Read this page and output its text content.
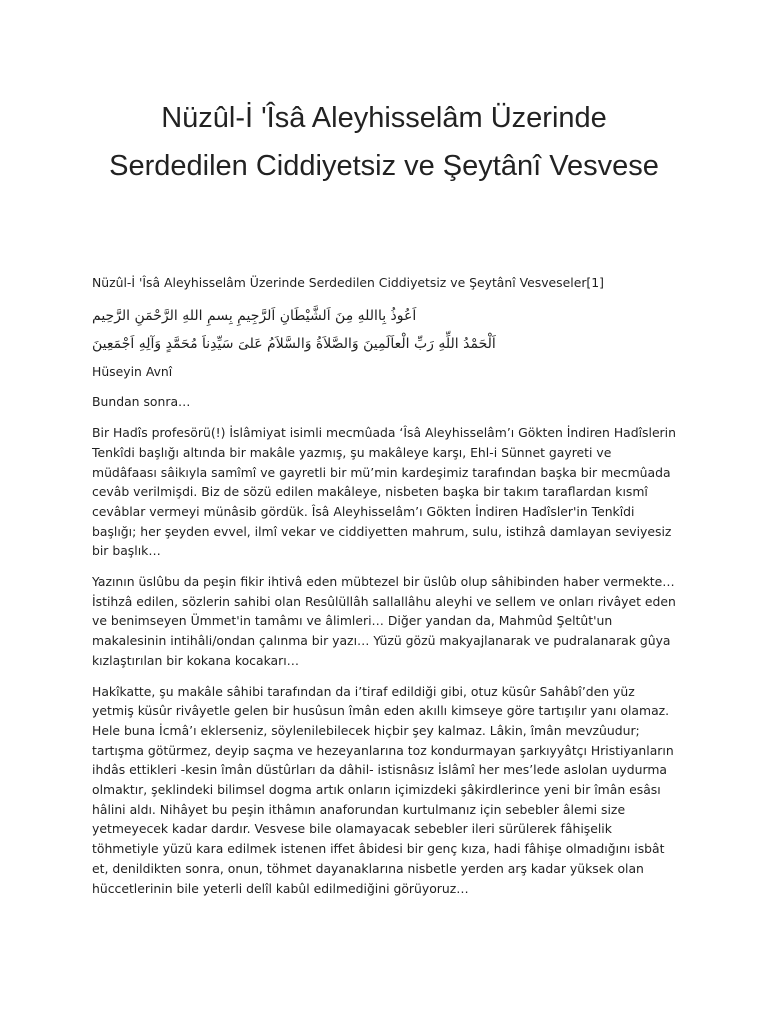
Nüzûl-İ 'Îsâ Aleyhisselâm Üzerinde Serdedilen Ciddiyetsiz ve Şeytânî Vesvese

Nüzûl-İ 'Îsâ Aleyhisselâm Üzerinde Serdedilen Ciddiyetsiz ve Şeytânî Vesveseler[1]

اَعُوذُ بِااللهِ مِنَ اَلشَّيْطَانِ اَلرَّجِيمِ بِسمِ اللهِ الرَّحْمَنِ الرَّحِيم
اَلْحَمْدُ اللِّهِ رَبِّ الْعاَلَمِينَ وَالصَّلاَةُ وَالسَّلاَمُ عَلىَ سَيِّدِناَ مُحَمَّدٍ وَآلِهِ اَجْمَعِينَ

Hüseyin Avnî

Bundan sonra…

Bir Hadîs profesörü(!) İslâmiyat isimli mecmûada ‘Îsâ Aleyhisselâm’ı Gökten İndiren Hadîslerin Tenkîdi başlığı altında bir makâle yazmış, şu makâleye karşı, Ehl-i Sünnet gayreti ve müdâfaası sâikıyla samîmî ve gayretli bir mü’min kardeşimiz tarafından başka bir mecmûada cevâb verilmişdi. Biz de sözü edilen makâleye, nisbeten başka bir takım taraflardan kısmî cevâblar vermeyi münâsib gördük. Îsâ Aleyhisselâm’ı Gökten İndiren Hadîsler'in Tenkîdi başlığı; her şeyden evvel, ilmî vekar ve ciddiyetten mahrum, sulu, istihzâ damlayan seviyesiz bir başlık…

Yazının üslûbu da peşin fikir ihtivâ eden mübtezel bir üslûb olup sâhibinden haber vermekte… İstihzâ edilen, sözlerin sahibi olan Resûlüllâh sallallâhu aleyhi ve sellem ve onları rivâyet eden ve benimseyen Ümmet'in tamâmı ve âlimleri… Diğer yandan da, Mahmûd Şeltût'un makalesinin intihâli/ondan çalınma bir yazı… Yüzü gözü makyajlanarak ve pudralanarak gûya kızlaştırılan bir kokana kocakarı…

Hakîkatte, şu makâle sâhibi tarafından da i’tiraf edildiği gibi, otuz küsûr Sahâbî’den yüz yetmiş küsûr rivâyetle gelen bir husûsun îmân eden akıllı kimseye göre tartışılır yanı olamaz. Hele buna İcmâ’ı eklerseniz, söylenilebilecek hiçbir şey kalmaz. Lâkin, îmân mevzûudur; tartışma götürmez, deyip saçma ve hezeyanlarına toz kondurmayan şarkıyyâtçı Hristiyanların ihdâs ettikleri -kesin îmân düstûrları da dâhil- istisnâsız İslâmî her mes’lede aslolan uydurma olmaktır, şeklindeki bilimsel dogma artık onların içimizdeki şâkirdlerince yeni bir îmân esâsı hâlini aldı. Nihâyet bu peşin ithâmın anaforundan kurtulmanız için sebebler âlemi size yetmeyecek kadar dardır. Vesvese bile olamayacak sebebler ileri sürülerek fâhişelik töhmetiyle yüzü kara edilmek istenen iffet âbidesi bir genç kıza, hadi fâhişe olmadığını isbât et, denildikten sonra, onun, töhmet dayanaklarına nisbetle yerden arş kadar yüksek olan hüccetlerinin bile yeterli delîl kabûl edilmediğini görüyoruz…
